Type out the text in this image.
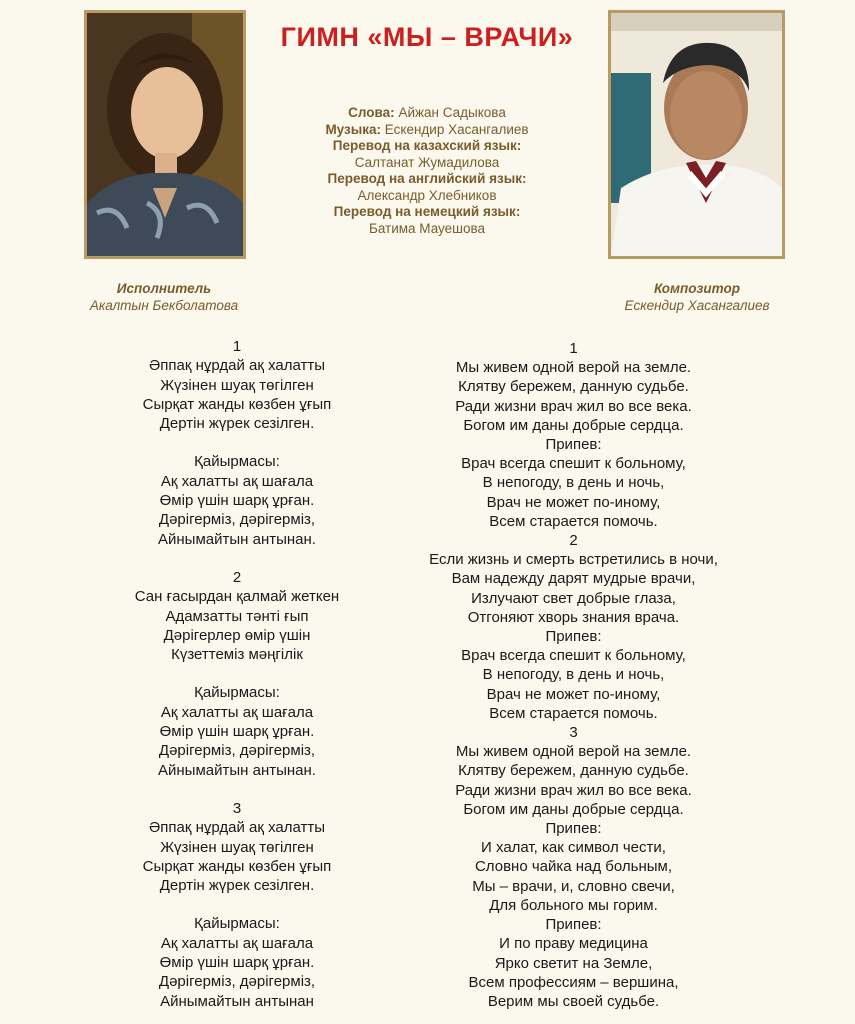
ГИМН «МЫ – ВРАЧИ»
Слова: Айжан Садыкова
Музыка: Ескендир Хасангалиев
Перевод на казахский язык:
Салтанат Жумадилова
Перевод на английский язык:
Александр Хлебников
Перевод на немецкий язык:
Батима Мауешова
Исполнитель
Акалтын Бекболатова
Композитор
Ескендир Хасангалиев
1
Әппақ нұрдай ақ халатты
Жүзінен шуақ төгілген
Сырқат жанды көзбен ұғып
Дертін жүрек сезілген.
Қайырмасы:
Ақ халатты ақ шағала
Өмір үшін шарқ ұрған.
Дәрігерміз, дәрігерміз,
Айнымайтын антынан.
2
Сан ғасырдан қалмай жеткен
Адамзатты тәнті ғып
Дәрігерлер өмір үшін
Күзеттеміз мәңгілік
Қайырмасы:
Ақ халатты ақ шағала
Өмір үшін шарқ ұрған.
Дәрігерміз, дәрігерміз,
Айнымайтын антынан.
3
Әппақ нұрдай ақ халатты
Жүзінен шуақ төгілген
Сырқат жанды көзбен ұғып
Дертін жүрек сезілген.
Қайырмасы:
Ақ халатты ақ шағала
Өмір үшін шарқ ұрған.
Дәрігерміз, дәрігерміз,
Айнымайтын антынан
1
Мы живем одной верой на земле.
Клятву бережем, данную судьбе.
Ради жизни врач жил во все века.
Богом им даны добрые сердца.
Припев:
Врач всегда спешит к больному,
В непогоду, в день и ночь,
Врач не может по-иному,
Всем старается помочь.
2
Если жизнь и смерть встретились в ночи,
Вам надежду дарят мудрые врачи,
Излучают свет добрые глаза,
Отгоняют хворь знания врача.
Припев:
Врач всегда спешит к больному,
В непогоду, в день и ночь,
Врач не может по-иному,
Всем старается помочь.
3
Мы живем одной верой на земле.
Клятву бережем, данную судьбе.
Ради жизни врач жил во все века.
Богом им даны добрые сердца.
Припев:
И халат, как символ чести,
Словно чайка над больным,
Мы – врачи, и, словно свечи,
Для больного мы горим.
Припев:
И по праву медицина
Ярко светит на Земле,
Всем профессиям – вершина,
Верим мы своей судьбе.
